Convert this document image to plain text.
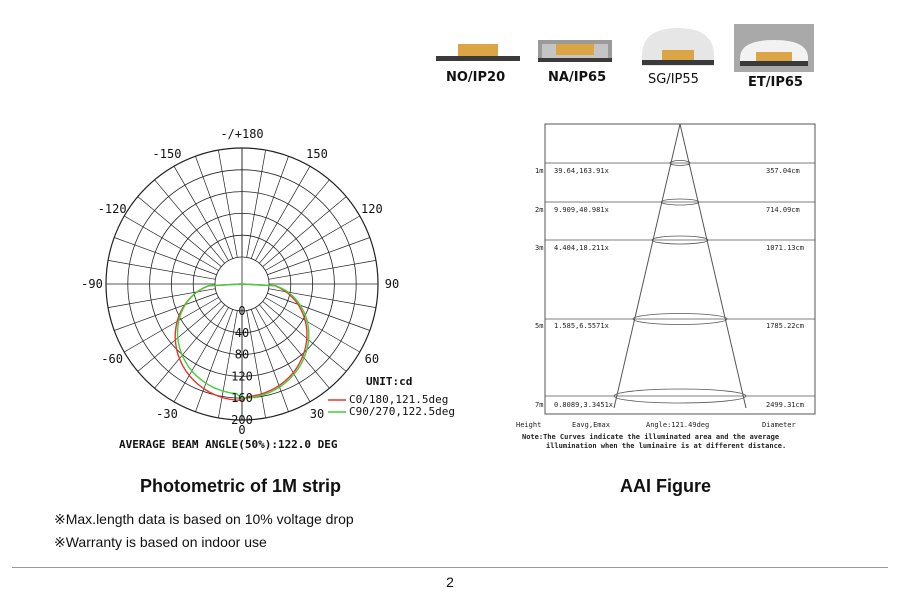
NO/IP20	NA/IP65	SG/IP55	ET/IP65
-/+180
-150	150
-120	120
-90	90
-60	60
-30	30
0
40
80
120
160
200
0
UNIT:cd
C0/180,121.5deg
C90/270,122.5deg
AVERAGE BEAM ANGLE(50%):122.0 DEG
1m 39.64,163.91x	357.04cm
2m 9.909,40.981x	714.09cm
3m 4.404,18.211x	1071.13cm
5m 1.585,6.5571x	1785.22cm
7m 0.8089,3.3451x	2499.31cm
Height	Eavg,Emax	Angle:121.49deg	Diameter
Note:The Curves indicate the illuminated area and the average
illumination when the luminaire is at different distance.
Photometric of 1M strip	AAI Figure
※Max.length data is based on 10% voltage drop
※Warranty is based on indoor use
2
